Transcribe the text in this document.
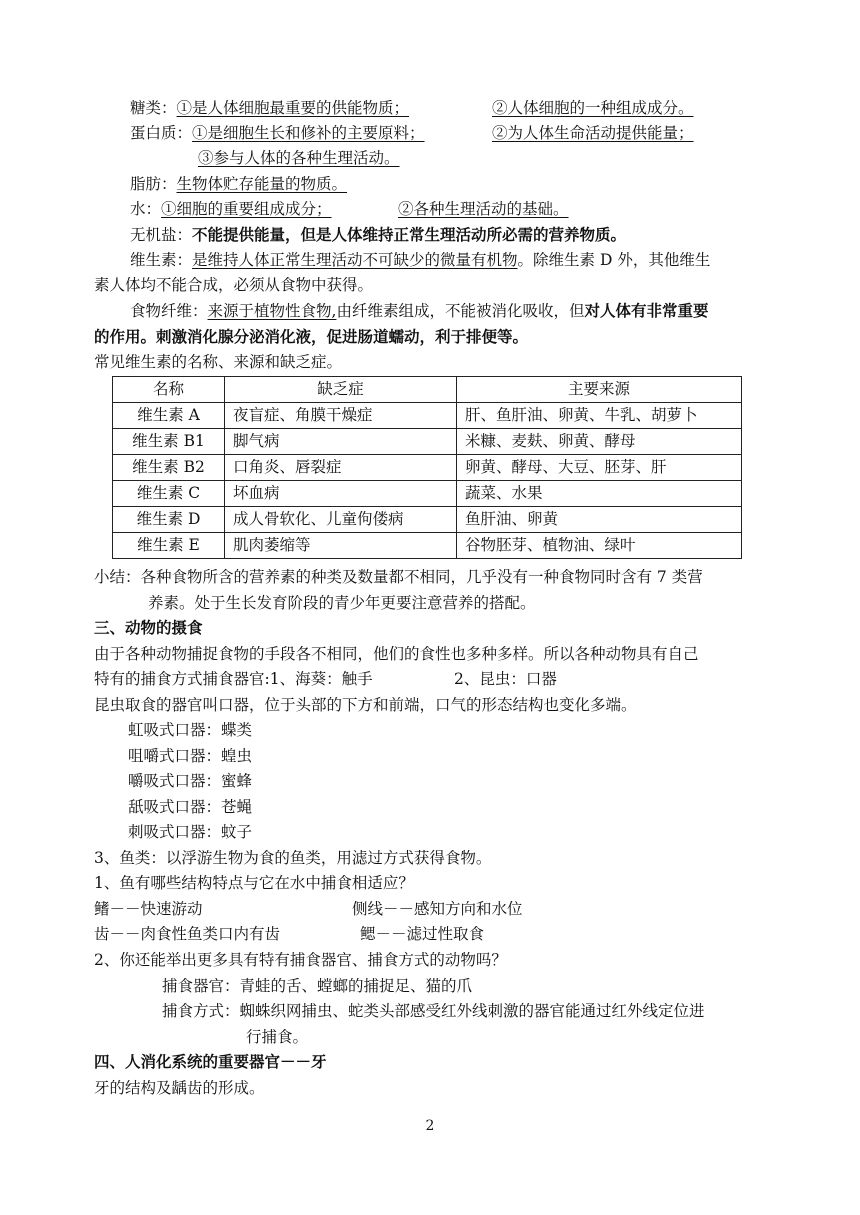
糖类：①是人体细胞最重要的供能物质；	②人体细胞的一种组成成分。
蛋白质：①是细胞生长和修补的主要原料；	②为人体生命活动提供能量；
③参与人体的各种生理活动。
脂肪：生物体贮存能量的物质。
水：①细胞的重要组成成分；	②各种生理活动的基础。
无机盐：不能提供能量，但是人体维持正常生理活动所必需的营养物质。
维生素：是维持人体正常生理活动不可缺少的微量有机物。除维生素 D 外，其他维生
素人体均不能合成，必须从食物中获得。
食物纤维：来源于植物性食物,由纤维素组成，不能被消化吸收，但对人体有非常重要
的作用。刺激消化腺分泌消化液，促进肠道蠕动，利于排便等。
常见维生素的名称、来源和缺乏症。
名称	缺乏症	主要来源
维生素 A	夜盲症、角膜干燥症	肝、鱼肝油、卵黄、牛乳、胡萝卜
维生素 B1	脚气病	米糠、麦麸、卵黄、酵母
维生素 B2	口角炎、唇裂症	卵黄、酵母、大豆、胚芽、肝
维生素 C	坏血病	蔬菜、水果
维生素 D	成人骨软化、儿童佝偻病	鱼肝油、卵黄
维生素 E	肌肉萎缩等	谷物胚芽、植物油、绿叶
小结：各种食物所含的营养素的种类及数量都不相同，几乎没有一种食物同时含有 7 类营
养素。处于生长发育阶段的青少年更要注意营养的搭配。
三、动物的摄食
由于各种动物捕捉食物的手段各不相同，他们的食性也多种多样。所以各种动物具有自己
特有的捕食方式捕食器官:1、海葵：触手	2、昆虫：口器
昆虫取食的器官叫口器，位于头部的下方和前端，口气的形态结构也变化多端。
虹吸式口器：蝶类
咀嚼式口器：蝗虫
嚼吸式口器：蜜蜂
舐吸式口器：苍蝇
刺吸式口器：蚊子
3、鱼类：以浮游生物为食的鱼类，用滤过方式获得食物。
1、鱼有哪些结构特点与它在水中捕食相适应？
鳍－－快速游动	侧线－－感知方向和水位
齿－－肉食性鱼类口内有齿	鳃－－滤过性取食
2、你还能举出更多具有特有捕食器官、捕食方式的动物吗？
捕食器官：青蛙的舌、螳螂的捕捉足、猫的爪
捕食方式：蜘蛛织网捕虫、蛇类头部感受红外线刺激的器官能通过红外线定位进
行捕食。
四、人消化系统的重要器官－－牙
牙的结构及龋齿的形成。
2
